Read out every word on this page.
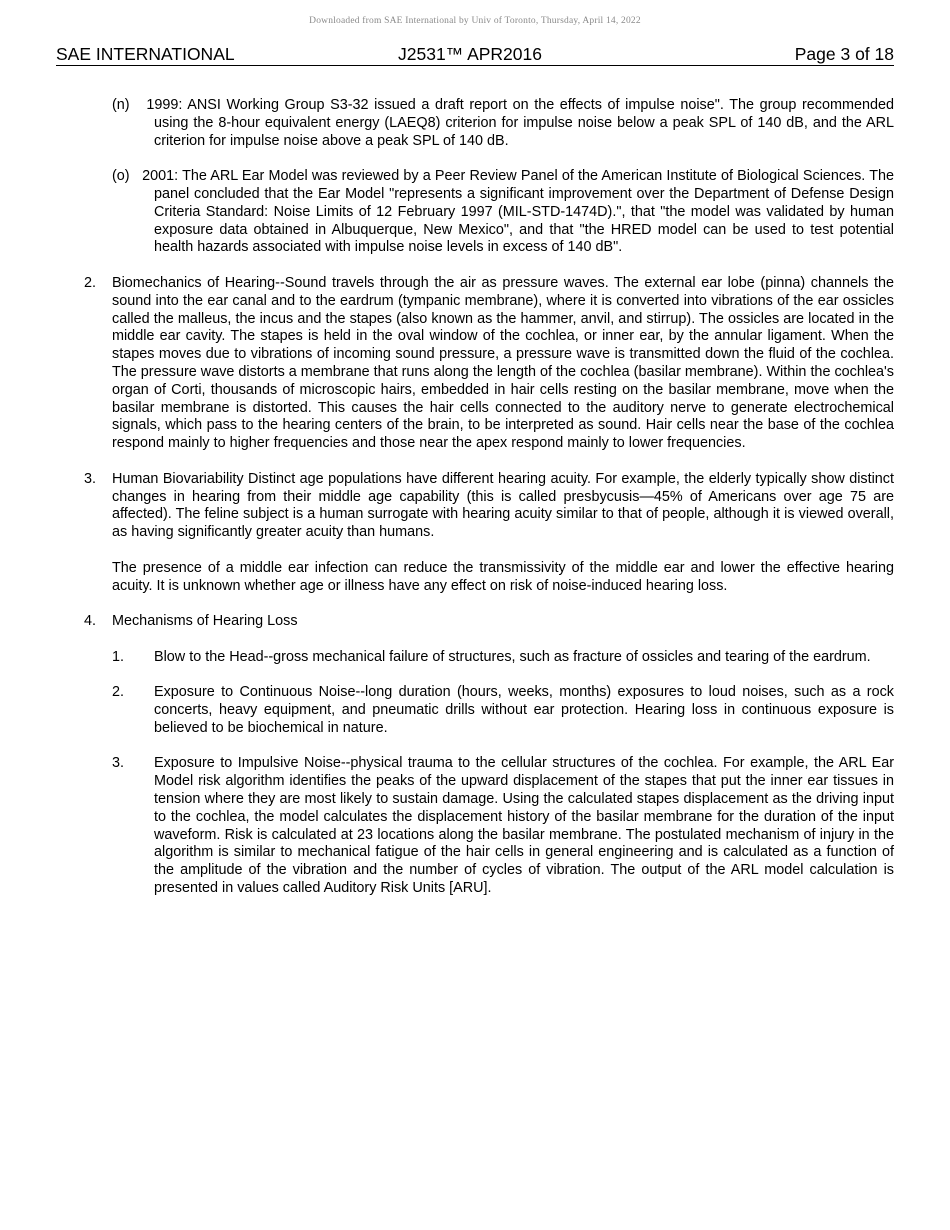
Downloaded from SAE International by Univ of Toronto, Thursday, April 14, 2022
SAE INTERNATIONAL	J2531™ APR2016	Page 3 of 18

(n) 1999: ANSI Working Group S3-32 issued a draft report on the effects of impulse noise". The group recommended using the 8-hour equivalent energy (LAEQ8) criterion for impulse noise below a peak SPL of 140 dB, and the ARL criterion for impulse noise above a peak SPL of 140 dB.

(o) 2001: The ARL Ear Model was reviewed by a Peer Review Panel of the American Institute of Biological Sciences. The panel concluded that the Ear Model "represents a significant improvement over the Department of Defense Design Criteria Standard: Noise Limits of 12 February 1997 (MIL-STD-1474D).", that "the model was validated by human exposure data obtained in Albuquerque, New Mexico", and that "the HRED model can be used to test potential health hazards associated with impulse noise levels in excess of 140 dB".

2. Biomechanics of Hearing--Sound travels through the air as pressure waves. The external ear lobe (pinna) channels the sound into the ear canal and to the eardrum (tympanic membrane), where it is converted into vibrations of the ear ossicles called the malleus, the incus and the stapes (also known as the hammer, anvil, and stirrup). The ossicles are located in the middle ear cavity. The stapes is held in the oval window of the cochlea, or inner ear, by the annular ligament. When the stapes moves due to vibrations of incoming sound pressure, a pressure wave is transmitted down the fluid of the cochlea. The pressure wave distorts a membrane that runs along the length of the cochlea (basilar membrane). Within the cochlea's organ of Corti, thousands of microscopic hairs, embedded in hair cells resting on the basilar membrane, move when the basilar membrane is distorted. This causes the hair cells connected to the auditory nerve to generate electrochemical signals, which pass to the hearing centers of the brain, to be interpreted as sound. Hair cells near the base of the cochlea respond mainly to higher frequencies and those near the apex respond mainly to lower frequencies.
3. Human Biovariability Distinct age populations have different hearing acuity. For example, the elderly typically show distinct changes in hearing from their middle age capability (this is called presbycusis—45% of Americans over age 75 are affected). The feline subject is a human surrogate with hearing acuity similar to that of people, although it is viewed overall, as having significantly greater acuity than humans.
The presence of a middle ear infection can reduce the transmissivity of the middle ear and lower the effective hearing acuity. It is unknown whether age or illness have any effect on risk of noise-induced hearing loss.
4. Mechanisms of Hearing Loss
1. Blow to the Head--gross mechanical failure of structures, such as fracture of ossicles and tearing of the eardrum.
2. Exposure to Continuous Noise--long duration (hours, weeks, months) exposures to loud noises, such as a rock concerts, heavy equipment, and pneumatic drills without ear protection. Hearing loss in continuous exposure is believed to be biochemical in nature.
3. Exposure to Impulsive Noise--physical trauma to the cellular structures of the cochlea. For example, the ARL Ear Model risk algorithm identifies the peaks of the upward displacement of the stapes that put the inner ear tissues in tension where they are most likely to sustain damage. Using the calculated stapes displacement as the driving input to the cochlea, the model calculates the displacement history of the basilar membrane for the duration of the input waveform. Risk is calculated at 23 locations along the basilar membrane. The postulated mechanism of injury in the algorithm is similar to mechanical fatigue of the hair cells in general engineering and is calculated as a function of the amplitude of the vibration and the number of cycles of vibration. The output of the ARL model calculation is presented in values called Auditory Risk Units [ARU].
